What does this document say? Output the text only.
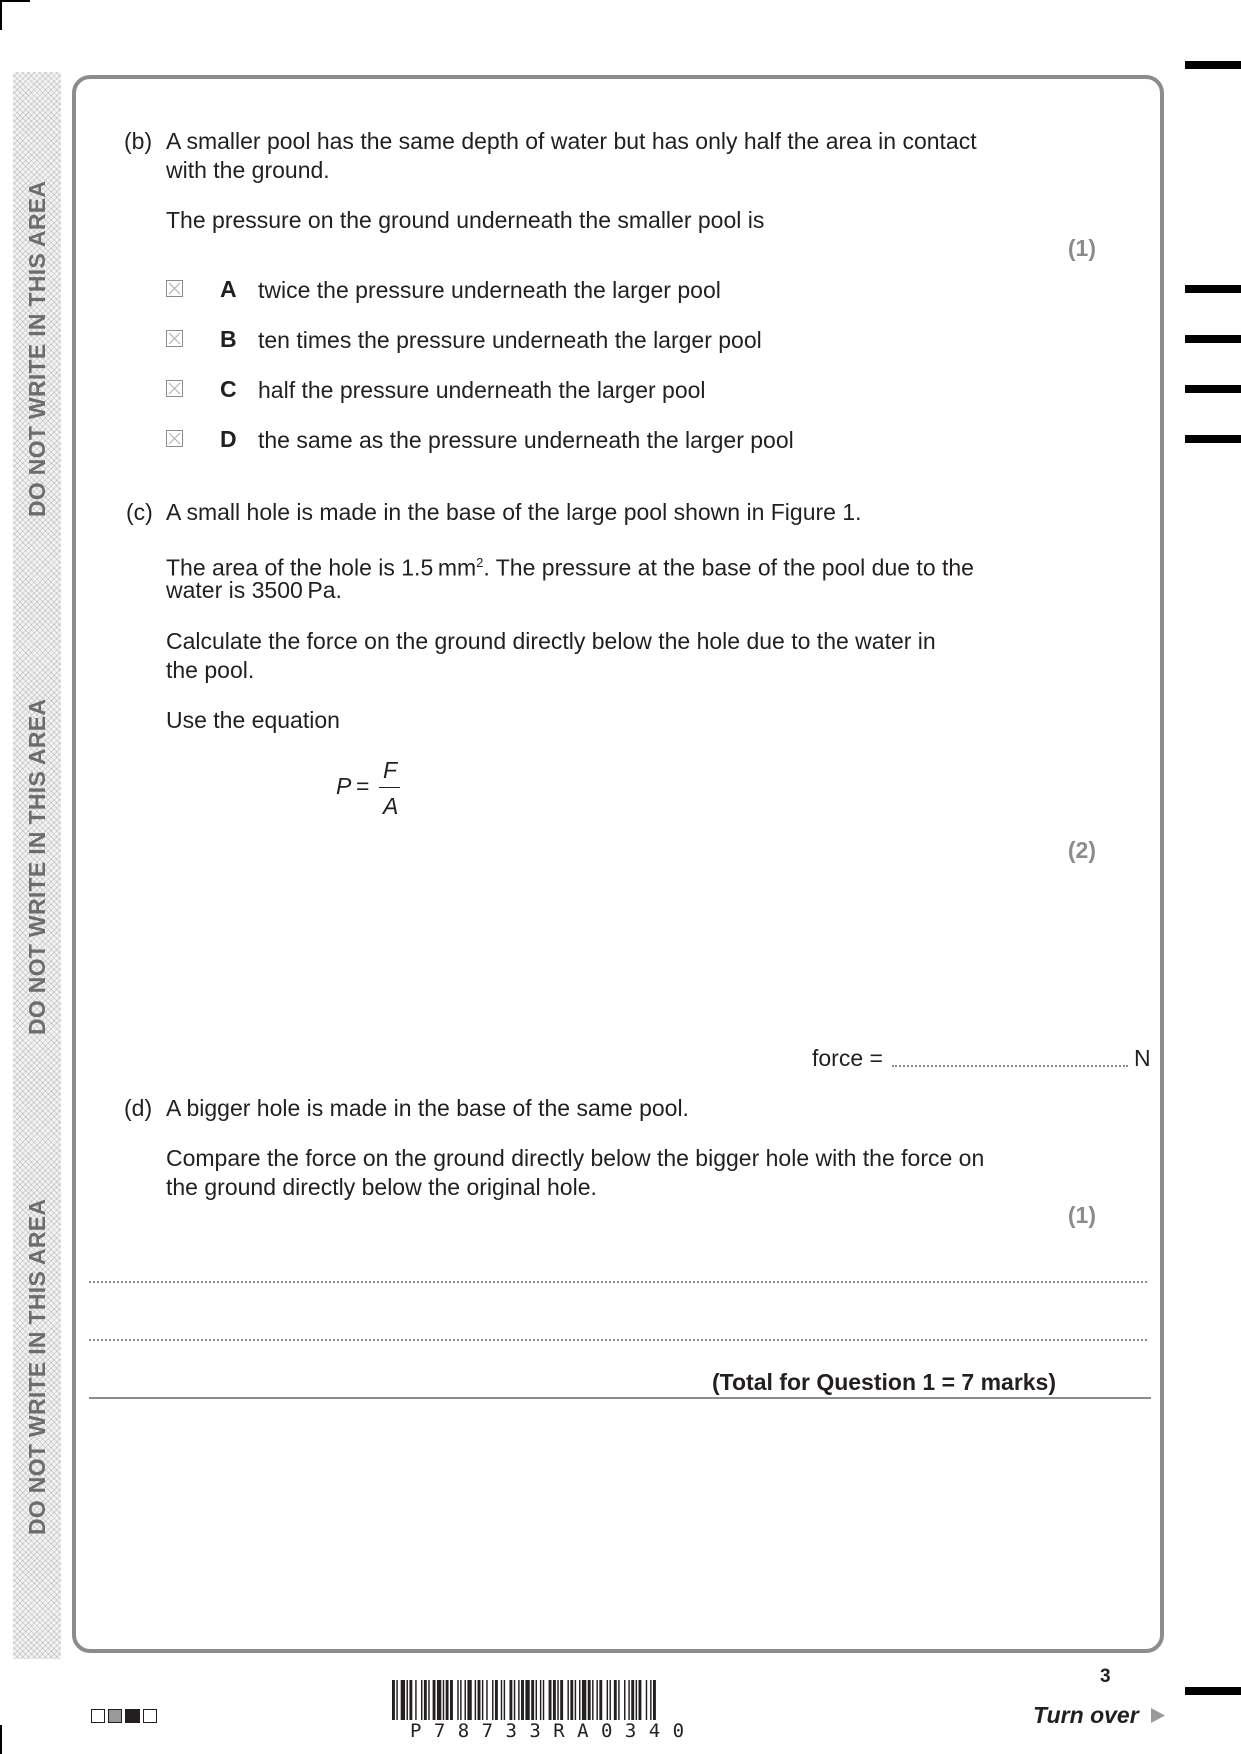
DO NOT WRITE IN THIS AREA
DO NOT WRITE IN THIS AREA
DO NOT WRITE IN THIS AREA
(b) A smaller pool has the same depth of water but has only half the area in contact
with the ground.
The pressure on the ground underneath the smaller pool is
(1)
A twice the pressure underneath the larger pool
B ten times the pressure underneath the larger pool
C half the pressure underneath the larger pool
D the same as the pressure underneath the larger pool
(c) A small hole is made in the base of the large pool shown in Figure 1.
The area of the hole is 1.5 $mm^2$. The pressure at the base of the pool due to the
water is 3500 Pa.
Calculate the force on the ground directly below the hole due to the water in
the pool.
Use the equation
P =
F
A
(2)
force =	N
(d) A bigger hole is made in the base of the same pool.
Compare the force on the ground directly below the bigger hole with the force on
the ground directly below the original hole.
(1)
(Total for Question 1 = 7 marks)
P 7 8 7 3 3 R A 0 3 4 0
3
Turn over
